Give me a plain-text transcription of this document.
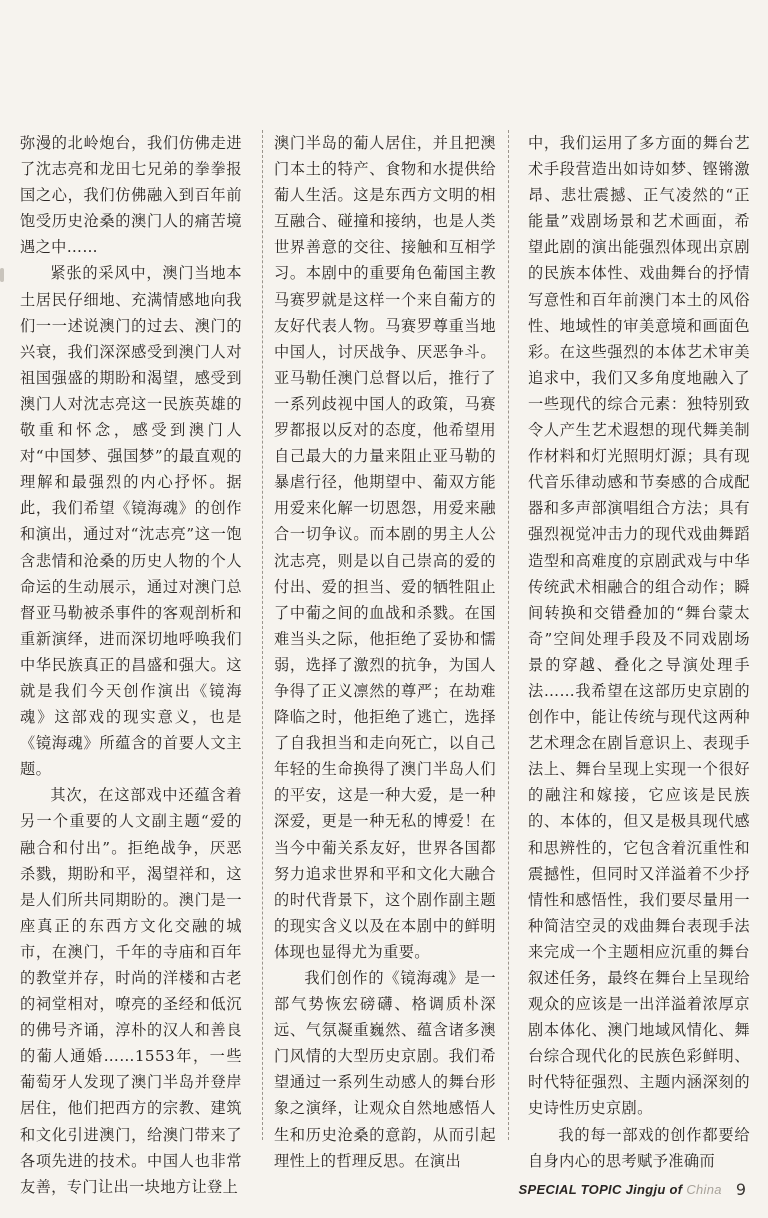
弥漫的北岭炮台，我们仿佛走进了沈志亮和龙田七兄弟的拳拳报国之心，我们仿佛融入到百年前饱受历史沧桑的澳门人的痛苦境遇之中……

紧张的采风中，澳门当地本土居民仔细地、充满情感地向我们一一述说澳门的过去、澳门的兴衰，我们深深感受到澳门人对祖国强盛的期盼和渴望，感受到澳门人对沈志亮这一民族英雄的敬重和怀念，感受到澳门人对“中国梦、强国梦”的最直观的理解和最强烈的内心抒怀。据此，我们希望《镜海魂》的创作和演出，通过对“沈志亮”这一饱含悲情和沧桑的历史人物的个人命运的生动展示，通过对澳门总督亚马勒被杀事件的客观剖析和重新演绎，进而深切地呼唤我们中华民族真正的昌盛和强大。这就是我们今天创作演出《镜海魂》这部戏的现实意义，也是《镜海魂》所蕴含的首要人文主题。

其次，在这部戏中还蕴含着另一个重要的人文副主题“爱的融合和付出”。拒绝战争，厌恶杀戮，期盼和平，渴望祥和，这是人们所共同期盼的。澳门是一座真正的东西方文化交融的城市，在澳门，千年的寺庙和百年的教堂并存，时尚的洋楼和古老的祠堂相对，嘹亮的圣经和低沉的佛号齐诵，淳朴的汉人和善良的葡人通婚……1553年，一些葡萄牙人发现了澳门半岛并登岸居住，他们把西方的宗教、建筑和文化引进澳门，给澳门带来了各项先进的技术。中国人也非常友善，专门让出一块地方让登上

澳门半岛的葡人居住，并且把澳门本土的特产、食物和水提供给葡人生活。这是东西方文明的相互融合、碰撞和接纳，也是人类世界善意的交往、接触和互相学习。本剧中的重要角色葡国主教马赛罗就是这样一个来自葡方的友好代表人物。马赛罗尊重当地中国人，讨厌战争、厌恶争斗。亚马勒任澳门总督以后，推行了一系列歧视中国人的政策，马赛罗都报以反对的态度，他希望用自己最大的力量来阻止亚马勒的暴虐行径，他期望中、葡双方能用爱来化解一切恩怨，用爱来融合一切争议。而本剧的男主人公沈志亮，则是以自己崇高的爱的付出、爱的担当、爱的牺牲阻止了中葡之间的血战和杀戮。在国难当头之际，他拒绝了妥协和懦弱，选择了激烈的抗争，为国人争得了正义凛然的尊严；在劫难降临之时，他拒绝了逃亡，选择了自我担当和走向死亡，以自己年轻的生命换得了澳门半岛人们的平安，这是一种大爱，是一种深爱，更是一种无私的博爱！在当今中葡关系友好，世界各国都努力追求世界和平和文化大融合的时代背景下，这个剧作副主题的现实含义以及在本剧中的鲜明体现也显得尤为重要。

我们创作的《镜海魂》是一部气势恢宏磅礴、格调质朴深远、气氛凝重巍然、蕴含诸多澳门风情的大型历史京剧。我们希望通过一系列生动感人的舞台形象之演绎，让观众自然地感悟人生和历史沧桑的意韵，从而引起理性上的哲理反思。在演出

中，我们运用了多方面的舞台艺术手段营造出如诗如梦、铿锵激昂、悲壮震撼、正气凌然的“正能量”戏剧场景和艺术画面，希望此剧的演出能强烈体现出京剧的民族本体性、戏曲舞台的抒情写意性和百年前澳门本土的风俗性、地域性的审美意境和画面色彩。在这些强烈的本体艺术审美追求中，我们又多角度地融入了一些现代的综合元素：独特别致令人产生艺术遐想的现代舞美制作材料和灯光照明灯源；具有现代音乐律动感和节奏感的合成配器和多声部演唱组合方法；具有强烈视觉冲击力的现代戏曲舞蹈造型和高难度的京剧武戏与中华传统武术相融合的组合动作；瞬间转换和交错叠加的“舞台蒙太奇”空间处理手段及不同戏剧场景的穿越、叠化之导演处理手法……我希望在这部历史京剧的创作中，能让传统与现代这两种艺术理念在剧旨意识上、表现手法上、舞台呈现上实现一个很好的融注和嫁接，它应该是民族的、本体的，但又是极具现代感和思辨性的，它包含着沉重性和震撼性，但同时又洋溢着不少抒情性和感悟性，我们要尽量用一种简洁空灵的戏曲舞台表现手法来完成一个主题相应沉重的舞台叙述任务，最终在舞台上呈现给观众的应该是一出洋溢着浓厚京剧本体化、澳门地域风情化、舞台综合现代化的民族色彩鲜明、时代特征强烈、主题内涵深刻的史诗性历史京剧。

我的每一部戏的创作都要给自身内心的思考赋予准确而

SPECIAL TOPIC Jingju of China 9
